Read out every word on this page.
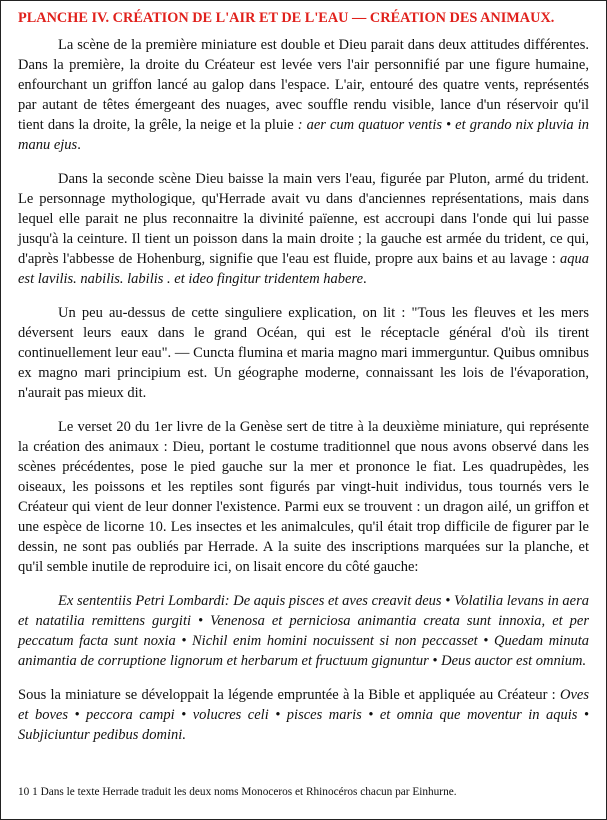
PLANCHE IV. CRÉATION DE L'AIR ET DE L'EAU — CRÉATION DES ANIMAUX.

La scène de la première miniature est double et Dieu parait dans deux attitudes différentes. Dans la première, la droite du Créateur est levée vers l'air personnifié par une figure humaine, enfourchant un griffon lancé au galop dans l'espace. L'air, entouré des quatre vents, représentés par autant de têtes émergeant des nuages, avec souffle rendu visible, lance d'un réservoir qu'il tient dans la droite, la grêle, la neige et la pluie : aer cum quatuor ventis • et grando nix pluvia in manu ejus.

Dans la seconde scène Dieu baisse la main vers l'eau, figurée par Pluton, armé du trident. Le personnage mythologique, qu'Herrade avait vu dans d'anciennes représentations, mais dans lequel elle parait ne plus reconnaitre la divinité païenne, est accroupi dans l'onde qui lui passe jusqu'à la ceinture. Il tient un poisson dans la main droite ; la gauche est armée du trident, ce qui, d'après l'abbesse de Hohenburg, signifie que l'eau est fluide, propre aux bains et au lavage : aqua est lavilis. nabilis. labilis . et ideo fingitur tridentem habere.

Un peu au-dessus de cette singuliere explication, on lit : "Tous les fleuves et les mers déversent leurs eaux dans le grand Océan, qui est le réceptacle général d'où ils tirent continuellement leur eau". — Cuncta flumina et maria magno mari immerguntur. Quibus omnibus ex magno mari principium est. Un géographe moderne, connaissant les lois de l'évaporation, n'aurait pas mieux dit.

Le verset 20 du 1er livre de la Genèse sert de titre à la deuxième miniature, qui représente la création des animaux : Dieu, portant le costume traditionnel que nous avons observé dans les scènes précédentes, pose le pied gauche sur la mer et prononce le fiat. Les quadrupèdes, les oiseaux, les poissons et les reptiles sont figurés par vingt-huit individus, tous tournés vers le Créateur qui vient de leur donner l'existence. Parmi eux se trouvent : un dragon ailé, un griffon et une espèce de licorne 10. Les insectes et les animalcules, qu'il était trop difficile de figurer par le dessin, ne sont pas oubliés par Herrade. A la suite des inscriptions marquées sur la planche, et qu'il semble inutile de reproduire ici, on lisait encore du côté gauche:

Ex sententiis Petri Lombardi: De aquis pisces et aves creavit deus • Volatilia levans in aera et natatilia remittens gurgiti • Venenosa et perniciosa animantia creata sunt innoxia, et per peccatum facta sunt noxia • Nichil enim homini nocuissent si non peccasset • Quedam minuta animantia de corruptione lignorum et herbarum et fructuum gignuntur • Deus auctor est omnium.

Sous la miniature se développait la légende empruntée à la Bible et appliquée au Créateur : Oves et boves • peccora campi • volucres celi • pisces maris • et omnia que moventur in aquis • Subjiciuntur pedibus domini.

10 1 Dans le texte Herrade traduit les deux noms Monoceros et Rhinocéros chacun par Einhurne.
